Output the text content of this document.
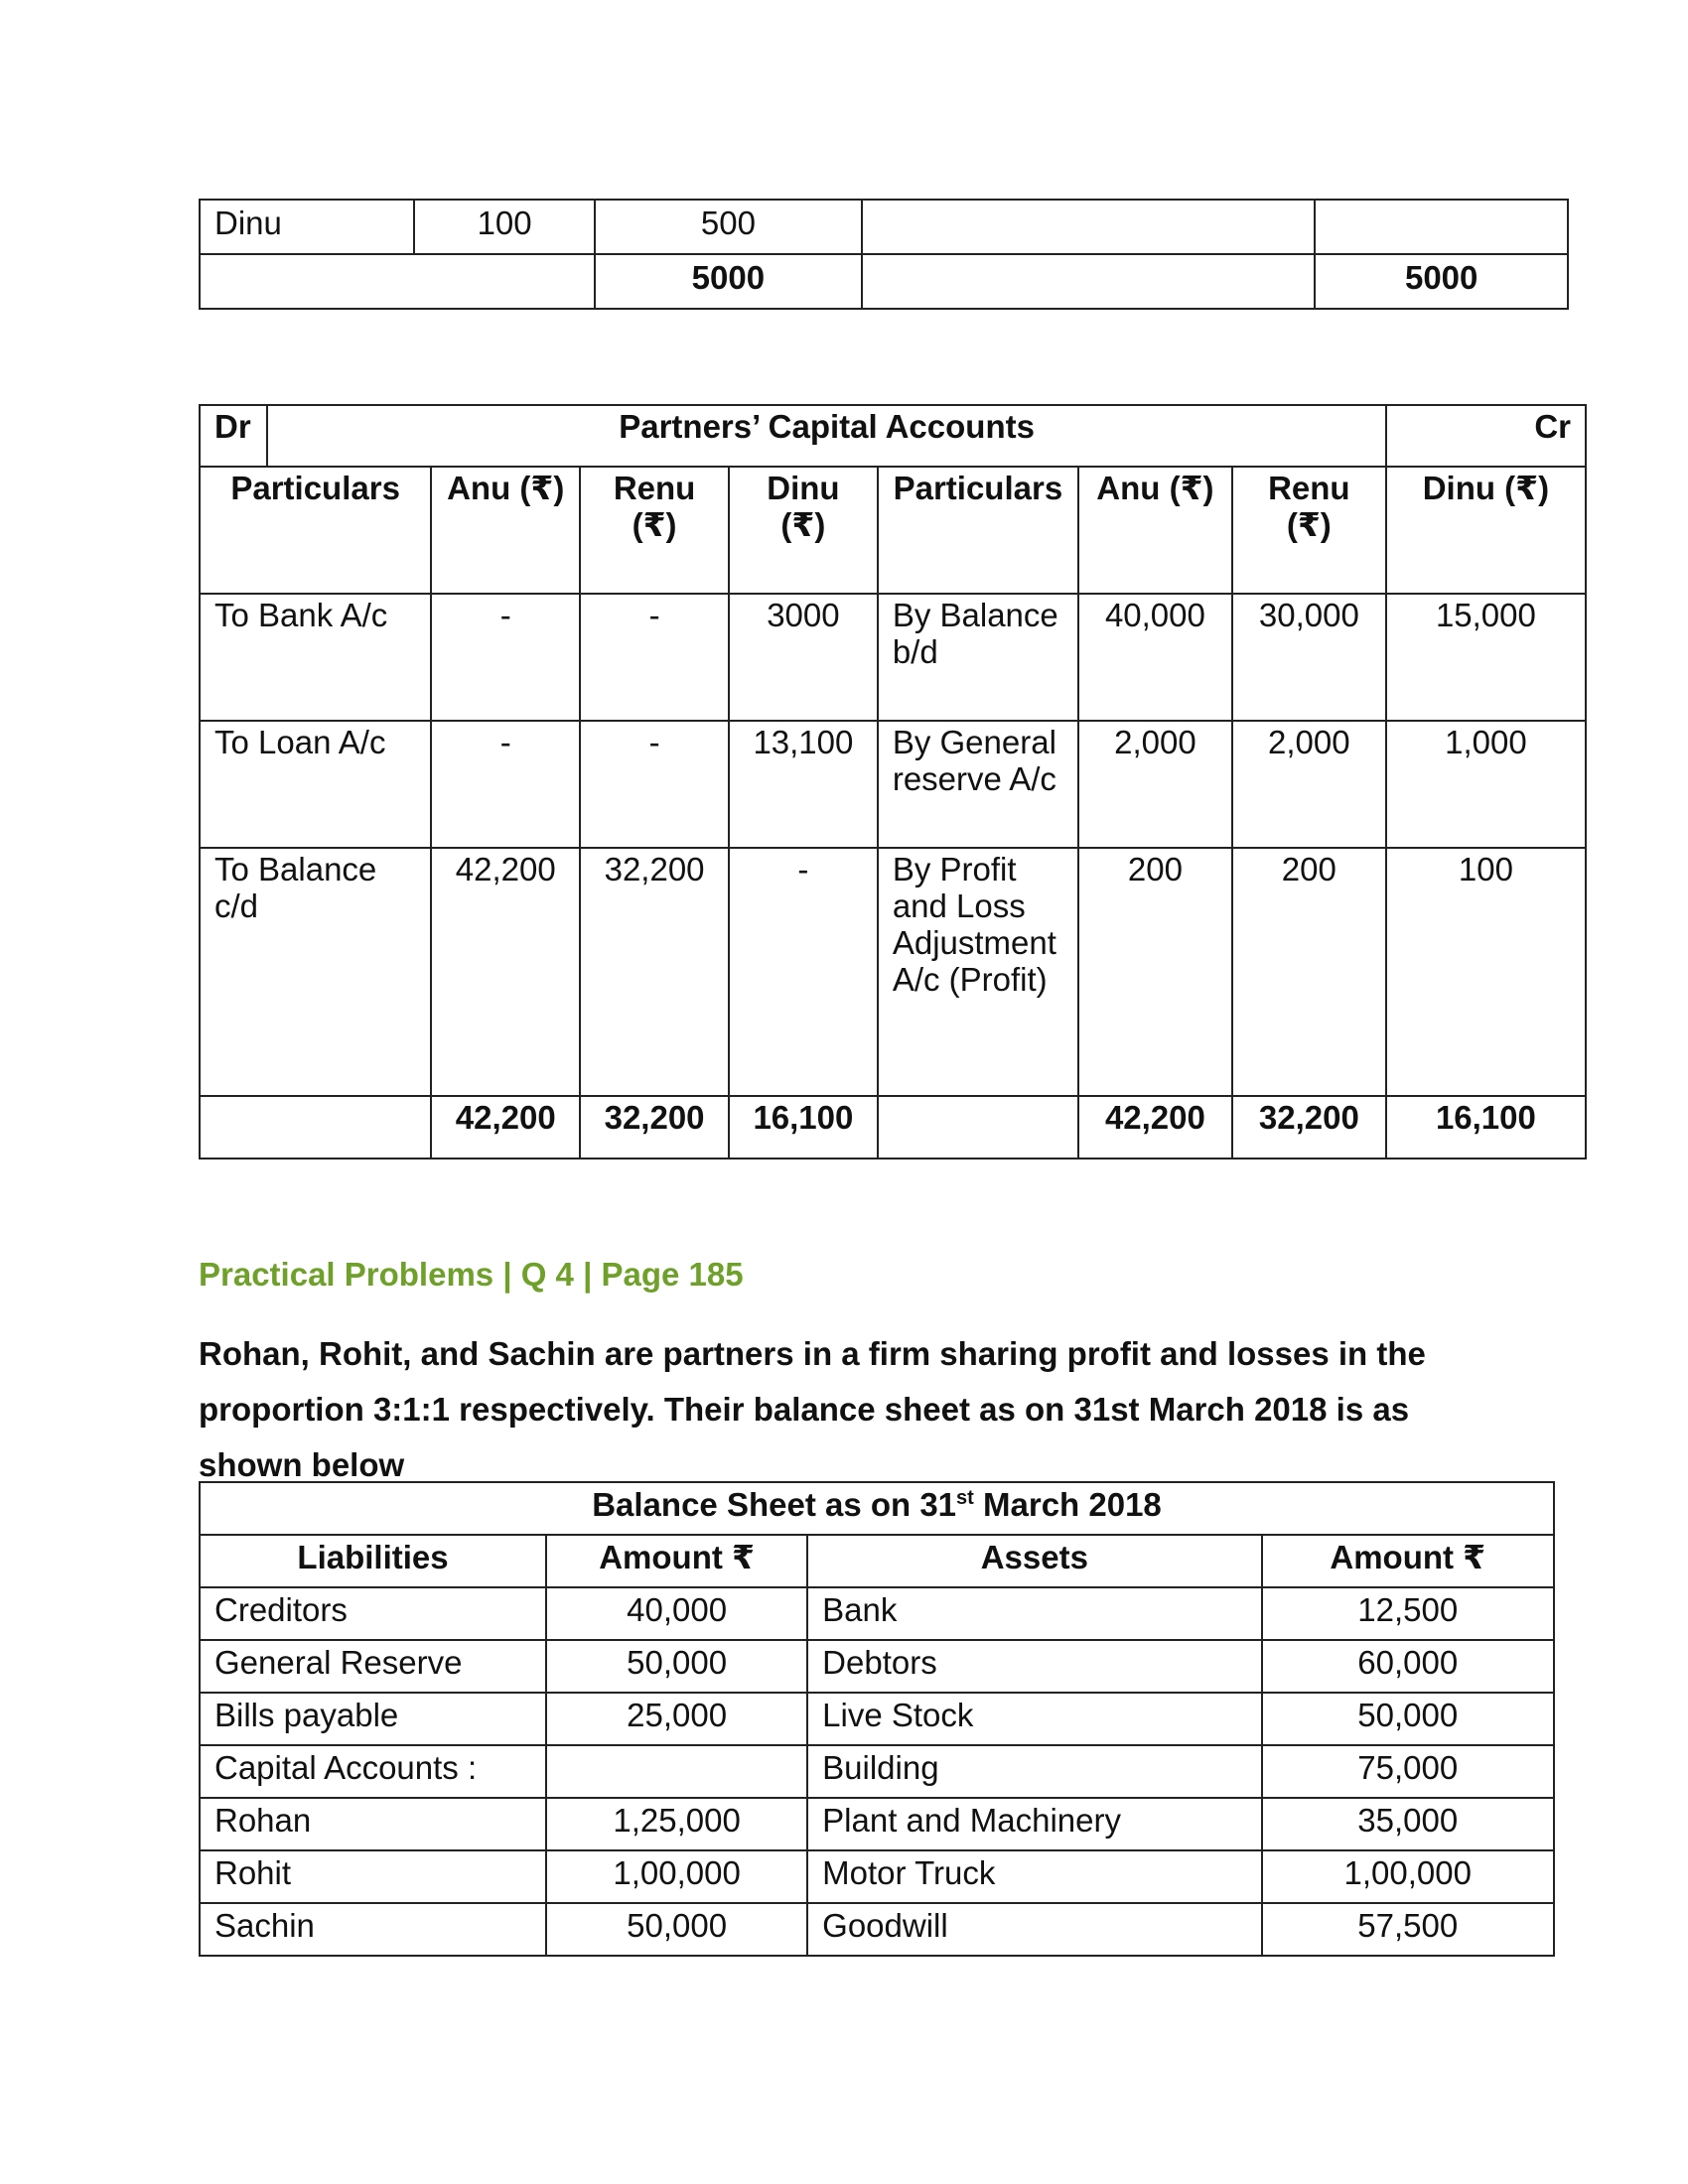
Dinu	100	500		
		5000		5000
Dr	Partners’ Capital Accounts							Cr
Particulars		Anu (₹)	Renu (₹)	Dinu (₹)	Particulars	Anu (₹)	Renu (₹)	Dinu (₹)
To Bank A/c		-	-	3000	By Balance b/d	40,000	30,000	15,000
To Loan A/c		-	-	13,100	By General reserve A/c	2,000	2,000	1,000
To Balance c/d		42,200	32,200	-	By Profit and Loss Adjustment A/c (Profit)	200	200	100
		42,200	32,200	16,100		42,200	32,200	16,100
Practical Problems | Q 4 | Page 185
Rohan, Rohit, and Sachin are partners in a firm sharing profit and losses in the proportion 3:1:1 respectively. Their balance sheet as on 31st March 2018 is as shown below
Balance Sheet as on 31st March 2018			
Liabilities	Amount ₹	Assets	Amount ₹
Creditors	40,000	Bank	12,500
General Reserve	50,000	Debtors	60,000
Bills payable	25,000	Live Stock	50,000
Capital Accounts :		Building	75,000
Rohan	1,25,000	Plant and Machinery	35,000
Rohit	1,00,000	Motor Truck	1,00,000
Sachin	50,000	Goodwill	57,500
